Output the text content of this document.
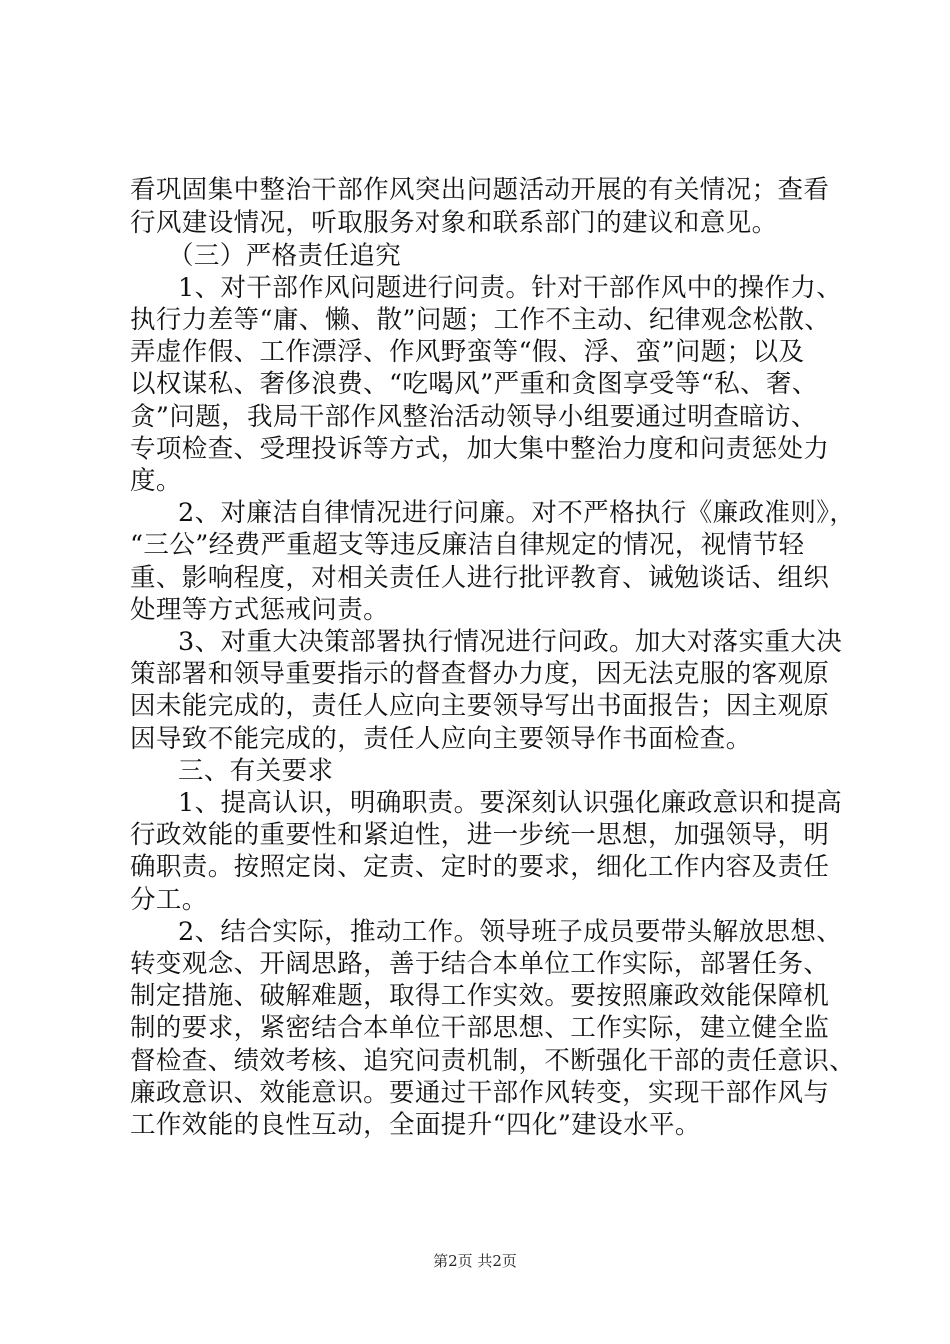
看巩固集中整治干部作风突出问题活动开展的有关情况；查看
行风建设情况，听取服务对象和联系部门的建议和意见。
（三）严格责任追究
1、对干部作风问题进行问责。针对干部作风中的操作力、
执行力差等“庸、懒、散”问题；工作不主动、纪律观念松散、
弄虚作假、工作漂浮、作风野蛮等“假、浮、蛮”问题；以及
以权谋私、奢侈浪费、“吃喝风”严重和贪图享受等“私、奢、
贪”问题，我局干部作风整治活动领导小组要通过明查暗访、
专项检查、受理投诉等方式，加大集中整治力度和问责惩处力
度。
2、对廉洁自律情况进行问廉。对不严格执行《廉政准则》，
“三公”经费严重超支等违反廉洁自律规定的情况，视情节轻
重、影响程度，对相关责任人进行批评教育、诫勉谈话、组织
处理等方式惩戒问责。
3、对重大决策部署执行情况进行问政。加大对落实重大决
策部署和领导重要指示的督查督办力度，因无法克服的客观原
因未能完成的，责任人应向主要领导写出书面报告；因主观原
因导致不能完成的，责任人应向主要领导作书面检查。
三、有关要求
1、提高认识，明确职责。要深刻认识强化廉政意识和提高
行政效能的重要性和紧迫性，进一步统一思想，加强领导，明
确职责。按照定岗、定责、定时的要求，细化工作内容及责任
分工。
2、结合实际，推动工作。领导班子成员要带头解放思想、
转变观念、开阔思路，善于结合本单位工作实际，部署任务、
制定措施、破解难题，取得工作实效。要按照廉政效能保障机
制的要求，紧密结合本单位干部思想、工作实际，建立健全监
督检查、绩效考核、追究问责机制，不断强化干部的责任意识、
廉政意识、效能意识。要通过干部作风转变，实现干部作风与
工作效能的良性互动，全面提升“四化”建设水平。
第2页 共2页
